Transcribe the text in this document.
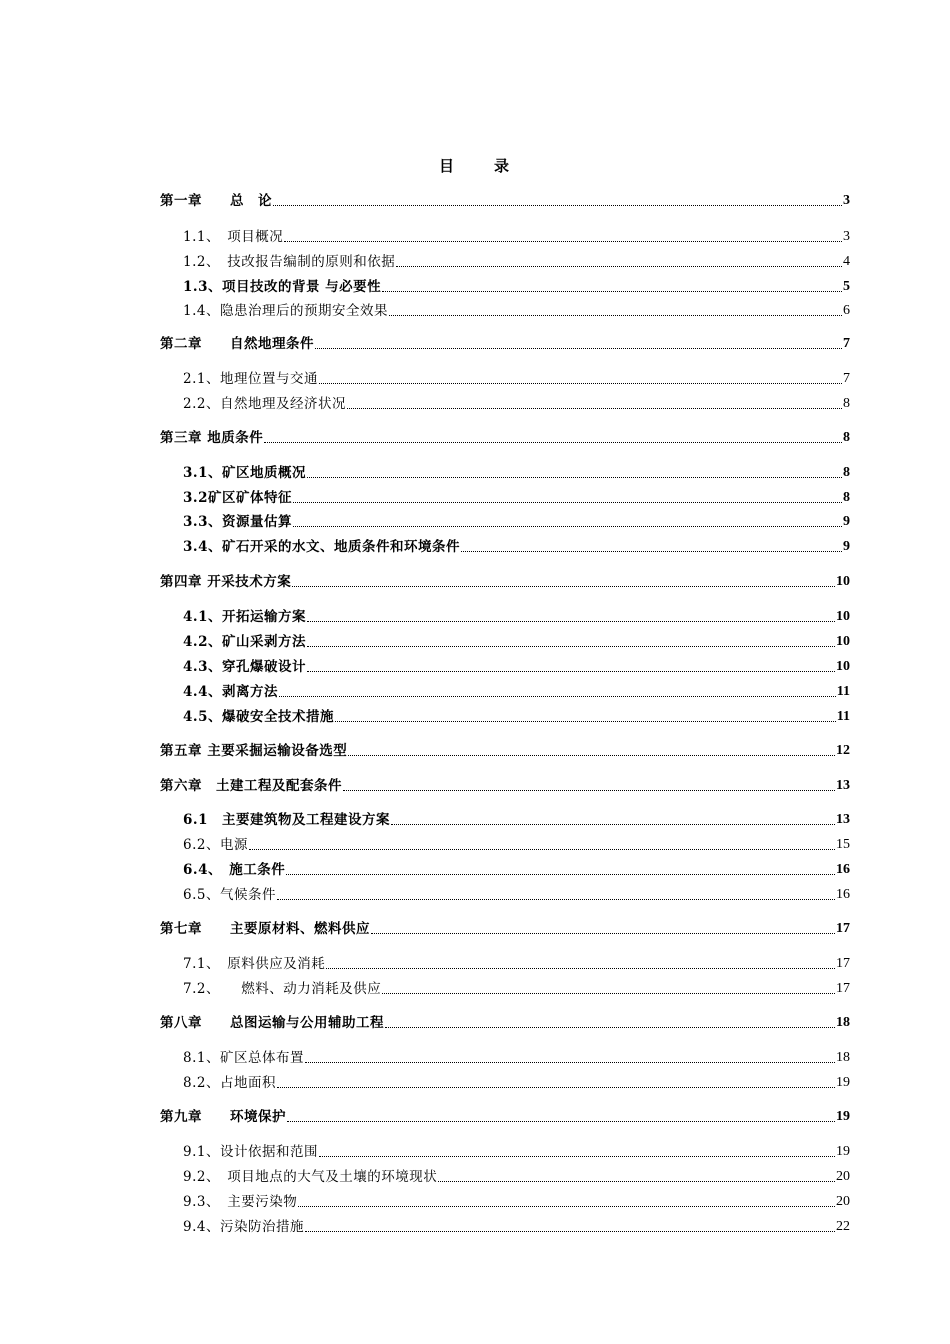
目	录
第一章　　总　论	3
1.1、　项目概况	3
1.2、　技改报告编制的原则和依据	4
1.3、项目技改的背景 与必要性	5
1.4、隐患治理后的预期安全效果	6
第二章　　自然地理条件	7
2.1、地理位置与交通	7
2.2、自然地理及经济状况	8
第三章 地质条件	8
3.1、矿区地质概况	8
3.2矿区矿体特征	8
3.3、资源量估算	9
3.4、矿石开采的水文、地质条件和环境条件	9
第四章 开采技术方案	10
4.1、开拓运输方案	10
4.2、矿山采剥方法	10
4.3、穿孔爆破设计	10
4.4、剥离方法	11
4.5、爆破安全技术措施	11
第五章 主要采掘运输设备选型	12
第六章　土建工程及配套条件	13
6.1　主要建筑物及工程建设方案	13
6.2、电源	15
6.4、　施工条件	16
6.5、气候条件	16
第七章　　主要原材料、燃料供应	17
7.1、　原料供应及消耗	17
7.2、　　燃料、动力消耗及供应	17
第八章　　总图运输与公用辅助工程	18
8.1、矿区总体布置	18
8.2、占地面积	19
第九章　　环境保护	19
9.1、设计依据和范围	19
9.2、　项目地点的大气及土壤的环境现状	20
9.3、　主要污染物	20
9.4、污染防治措施	22
